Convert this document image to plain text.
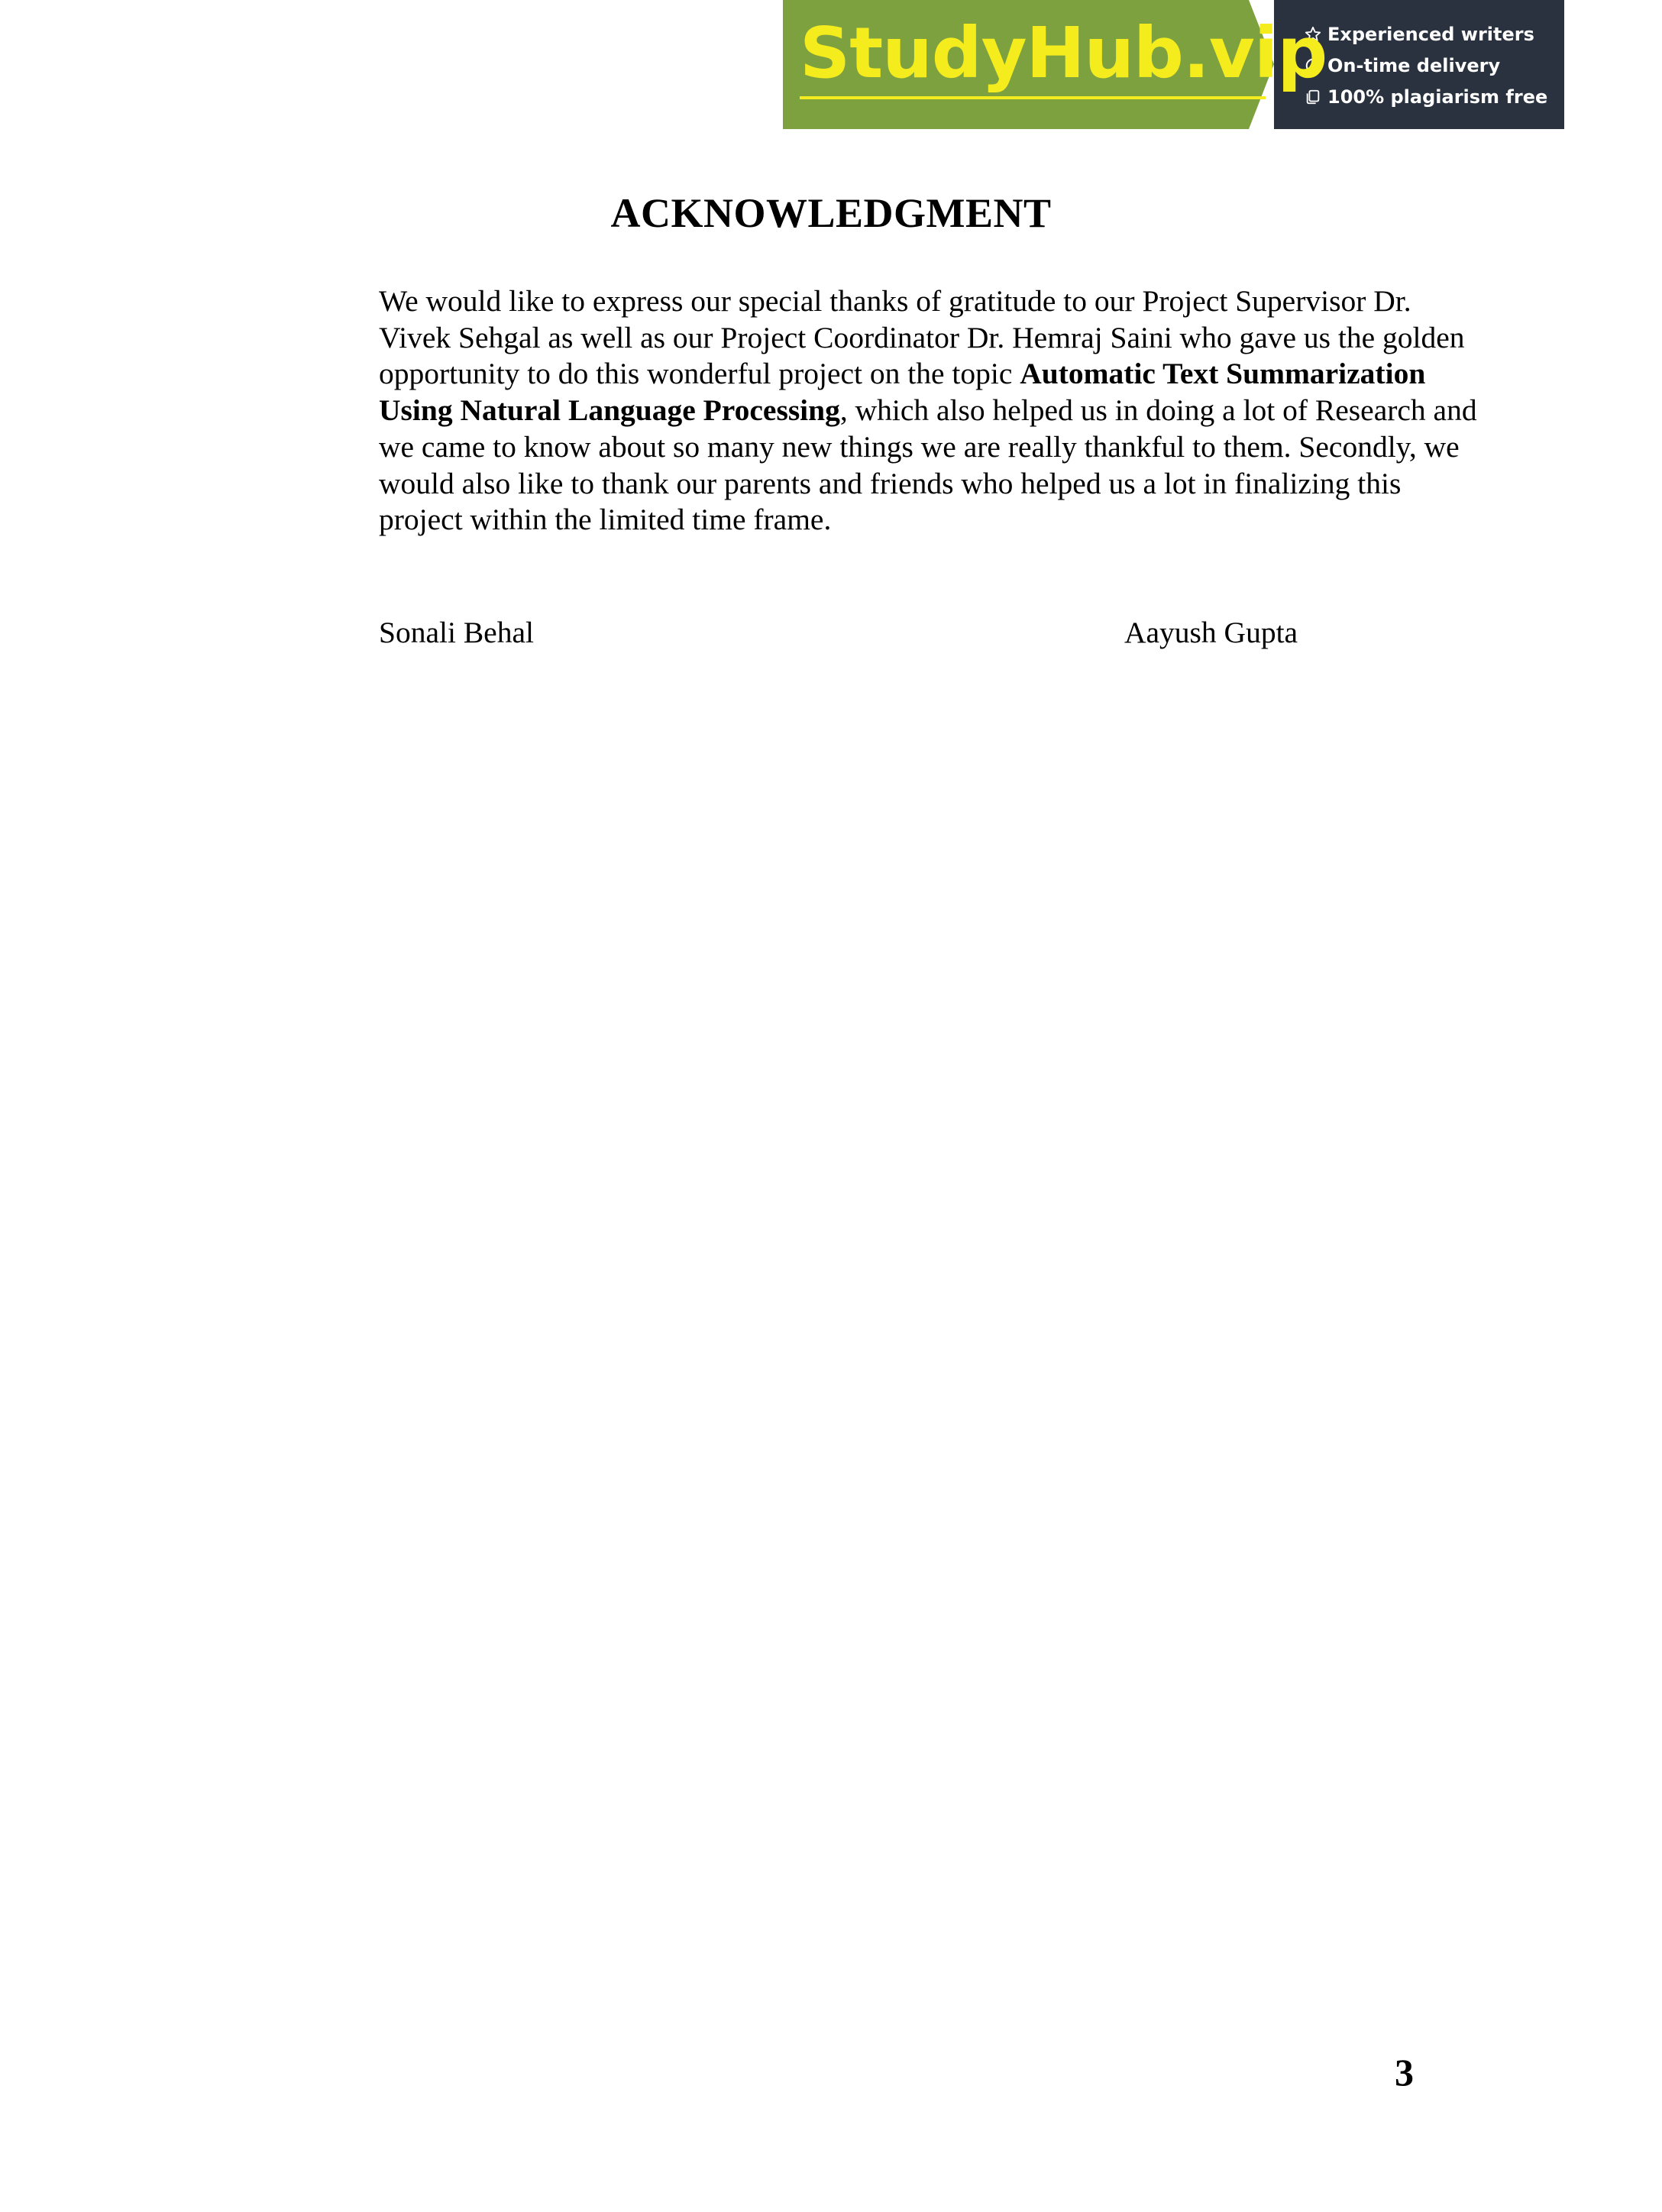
StudyHub.vip Experienced writers
On-time delivery
100% plagiarism free
ACKNOWLEDGMENT

We would like to express our special thanks of gratitude to our Project Supervisor Dr. Vivek Sehgal as well as our Project Coordinator Dr. Hemraj Saini who gave us the golden opportunity to do this wonderful project on the topic Automatic Text Summarization Using Natural Language Processing, which also helped us in doing a lot of Research and we came to know about so many new things we are really thankful to them. Secondly, we would also like to thank our parents and friends who helped us a lot in finalizing this project within the limited time frame.

Sonali Behal	Aayush Gupta
3
